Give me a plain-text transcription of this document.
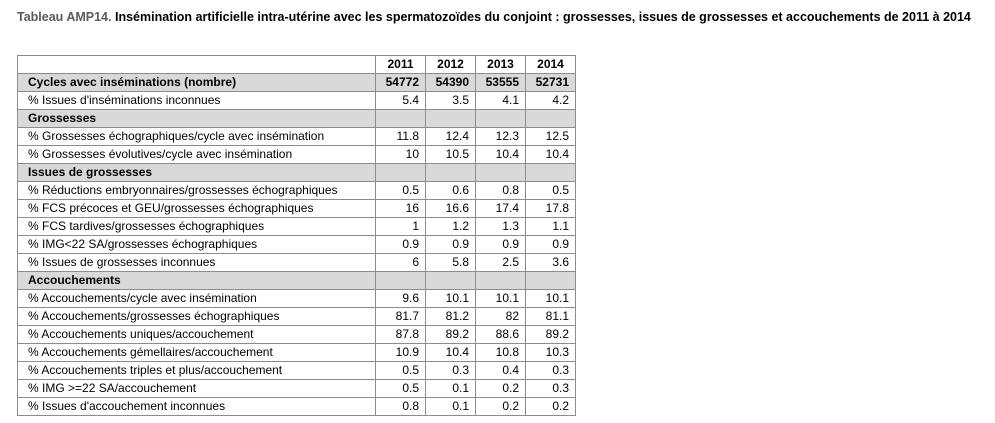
Tableau AMP14. Insémination artificielle intra-utérine avec les spermatozoïdes du conjoint : grossesses, issues de grossesses et accouchements de 2011 à 2014
	2011	2012	2013	2014
Cycles avec inséminations (nombre)	54772	54390	53555	52731
% Issues d'inséminations inconnues	5.4	3.5	4.1	4.2
Grossesses				
% Grossesses échographiques/cycle avec insémination	11.8	12.4	12.3	12.5
% Grossesses évolutives/cycle avec insémination	10	10.5	10.4	10.4
Issues de grossesses				
% Réductions embryonnaires/grossesses échographiques	0.5	0.6	0.8	0.5
% FCS précoces et GEU/grossesses échographiques	16	16.6	17.4	17.8
% FCS tardives/grossesses échographiques	1	1.2	1.3	1.1
% IMG<22 SA/grossesses échographiques	0.9	0.9	0.9	0.9
% Issues de grossesses inconnues	6	5.8	2.5	3.6
Accouchements				
% Accouchements/cycle avec insémination	9.6	10.1	10.1	10.1
% Accouchements/grossesses échographiques	81.7	81.2	82	81.1
% Accouchements uniques/accouchement	87.8	89.2	88.6	89.2
% Accouchements gémellaires/accouchement	10.9	10.4	10.8	10.3
% Accouchements triples et plus/accouchement	0.5	0.3	0.4	0.3
% IMG >=22 SA/accouchement	0.5	0.1	0.2	0.3
% Issues d'accouchement inconnues	0.8	0.1	0.2	0.2
